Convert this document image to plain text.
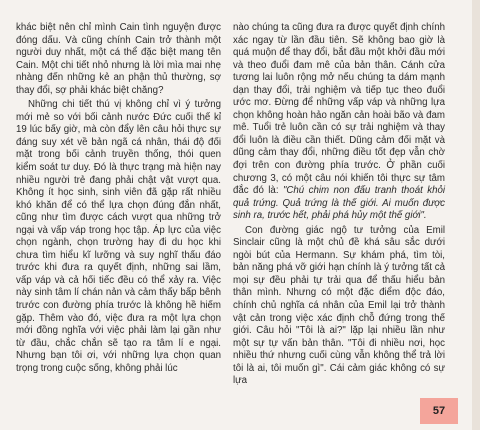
khác biệt nên chỉ mình Cain tình nguyện được đóng dấu. Và cũng chính Cain trở thành một người duy nhất, một cá thể đặc biệt mang tên Cain. Một chi tiết nhỏ nhưng là lời mìa mai nhẹ nhàng đến những kẻ an phận thủ thường, sợ thay đổi, sợ phải khác biệt chăng?

Những chi tiết thú vị không chỉ vì ý tưởng mới mẻ so với bối cảnh nước Đức cuối thế kỉ 19 lúc bấy giờ, mà còn đẩy lên câu hỏi thực sự đáng suy xét về bản ngã cá nhân, thái độ đối mặt trong bối cảnh truyền thống, thói quen kiểm soát tư duy. Đó là thực trạng mà hiện nay nhiều người trẻ đang phải chật vật vượt qua. Không ít học sinh, sinh viên đã gặp rất nhiều khó khăn để có thể lựa chọn đúng đắn nhất, cũng như tìm được cách vượt qua những trở ngại và vấp váp trong học tập. Áp lực của việc chọn ngành, chọn trường hay đi du học khi chưa tìm hiểu kĩ lưỡng và suy nghĩ thấu đáo trước khi đưa ra quyết định, những sai lầm, vấp váp và cả hối tiếc đều có thể xảy ra. Việc này sinh tâm lí chán nản và cảm thấy bấp bênh trước con đường phía trước là không hề hiếm gặp. Thêm vào đó, việc đưa ra một lựa chọn mới đồng nghĩa với việc phải làm lại gần như từ đầu, chắc chắn sẽ tạo ra tâm lí e ngại. Nhưng bạn tôi ơi, với những lựa chọn quan trọng trong cuộc sống, không phải lúc

nào chúng ta cũng đưa ra được quyết định chính xác ngay từ lần đầu tiên. Sẽ không bao giờ là quá muộn để thay đổi, bắt đầu một khởi đầu mới và theo đuổi đam mê của bản thân. Cánh cửa tương lai luôn rộng mở nếu chúng ta dám mạnh dạn thay đổi, trải nghiệm và tiếp tục theo đuổi ước mơ. Đừng để những vấp váp và những lựa chọn không hoàn hảo ngăn cản hoài bão và đam mê. Tuổi trẻ luôn cần có sự trải nghiệm và thay đổi luôn là điều cần thiết. Dũng cảm đối mặt và dũng cảm thay đổi, những điều tốt đẹp vẫn chờ đợi trên con đường phía trước. Ở phần cuối chương 3, có một câu nói khiến tôi thực sự tâm đắc đó là: "Chú chim non đấu tranh thoát khỏi quả trứng. Quả trứng là thế giới. Ai muốn được sinh ra, trước hết, phải phá hủy một thế giới".

Con đường giác ngộ tư tưởng của Emil Sinclair cũng là một chủ đề khá sâu sắc dưới ngòi bút của Hermann. Sự khám phá, tìm tòi, bản năng phá vỡ giới hạn chính là ý tưởng tất cả mọi sự đều phải tự trải qua để thấu hiểu bản thân mình. Nhưng có một đặc điểm độc đáo, chính chủ nghĩa cá nhân của Emil lại trở thành vật cản trong việc xác định chỗ đứng trong thế giới. Câu hỏi "Tôi là ai?" lặp lại nhiều lần như một sự tự vấn bản thân. "Tôi đi nhiều nơi, học nhiều thứ nhưng cuối cùng vẫn không thể trả lời tôi là ai, tôi muốn gì". Cái cảm giác không có sự lựa

57
